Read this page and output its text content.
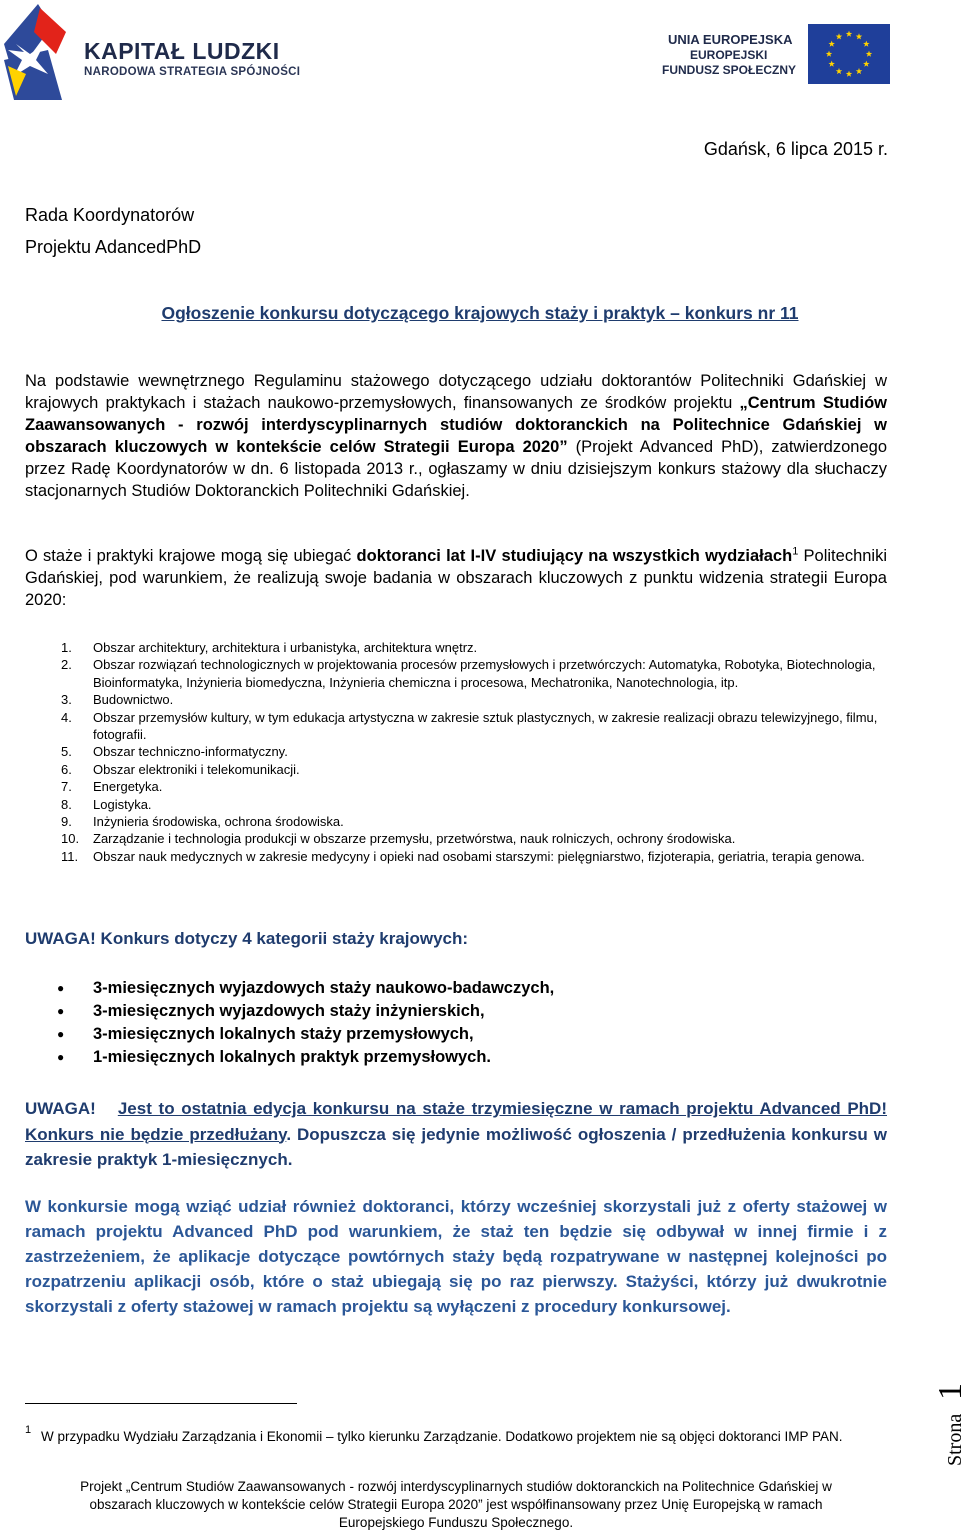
KAPITAŁ LUDZKI
NARODOWA STRATEGIA SPÓJNOŚCI
UNIA EUROPEJSKA
EUROPEJSKI
FUNDUSZ SPOŁECZNY
Gdańsk, 6 lipca 2015 r.
Rada Koordynatorów
Projektu AdancedPhD
Ogłoszenie konkursu dotyczącego krajowych staży i praktyk – konkurs nr 11
Na podstawie wewnętrznego Regulaminu stażowego dotyczącego udziału doktorantów Politechniki Gdańskiej w krajowych praktykach i stażach naukowo-przemysłowych, finansowanych ze środków projektu „Centrum Studiów Zaawansowanych - rozwój interdyscyplinarnych studiów doktoranckich na Politechnice Gdańskiej w obszarach kluczowych w kontekście celów Strategii Europa 2020” (Projekt Advanced PhD), zatwierdzonego przez Radę Koordynatorów w dn. 6 listopada 2013 r., ogłaszamy w dniu dzisiejszym konkurs stażowy dla słuchaczy stacjonarnych Studiów Doktoranckich Politechniki Gdańskiej.
O staże i praktyki krajowe mogą się ubiegać doktoranci lat I-IV studiujący na wszystkich wydziałach$^1$ Politechniki Gdańskiej, pod warunkiem, że realizują swoje badania w obszarach kluczowych z punktu widzenia strategii Europa 2020:
1.	Obszar architektury, architektura i urbanistyka, architektura wnętrz.
2.	Obszar rozwiązań technologicznych w projektowania procesów przemysłowych i przetwórczych: Automatyka, Robotyka, Biotechnologia, Bioinformatyka, Inżynieria biomedyczna, Inżynieria chemiczna i procesowa, Mechatronika, Nanotechnologia, itp.
3.	Budownictwo.
4.	Obszar przemysłów kultury, w tym edukacja artystyczna w zakresie sztuk plastycznych, w zakresie realizacji obrazu telewizyjnego, filmu, fotografii.
5.	Obszar techniczno-informatyczny.
6.	Obszar elektroniki i telekomunikacji.
7.	Energetyka.
8.	Logistyka.
9.	Inżynieria środowiska, ochrona środowiska.
10.	Zarządzanie i technologia produkcji w obszarze przemysłu, przetwórstwa, nauk rolniczych, ochrony środowiska.
11.	Obszar nauk medycznych w zakresie medycyny i opieki nad osobami starszymi: pielęgniarstwo, fizjoterapia, geriatria, terapia genowa.
UWAGA! Konkurs dotyczy 4 kategorii staży krajowych:
●	3-miesięcznych wyjazdowych staży naukowo-badawczych,
●	3-miesięcznych wyjazdowych staży inżynierskich,
●	3-miesięcznych lokalnych staży przemysłowych,
●	1-miesięcznych lokalnych praktyk przemysłowych.
UWAGA! Jest to ostatnia edycja konkursu na staże trzymiesięczne w ramach projektu Advanced PhD! Konkurs nie będzie przedłużany. Dopuszcza się jedynie możliwość ogłoszenia / przedłużenia konkursu w zakresie praktyk 1-miesięcznych.
W konkursie mogą wziąć udział również doktoranci, którzy wcześniej skorzystali już z oferty stażowej w ramach projektu Advanced PhD pod warunkiem, że staż ten będzie się odbywał w innej firmie i z zastrzeżeniem, że aplikacje dotyczące powtórnych staży będą rozpatrywane w następnej kolejności po rozpatrzeniu aplikacji osób, które o staż ubiegają się po raz pierwszy. Stażyści, którzy już dwukrotnie skorzystali z oferty stażowej w ramach projektu są wyłączeni z procedury konkursowej.
1 W przypadku Wydziału Zarządzania i Ekonomii – tylko kierunku Zarządzanie. Dodatkowo projektem nie są objęci doktoranci IMP PAN.
Projekt „Centrum Studiów Zaawansowanych - rozwój interdyscyplinarnych studiów doktoranckich na Politechnice Gdańskiej w
obszarach kluczowych w kontekście celów Strategii Europa 2020” jest współfinansowany przez Unię Europejską w ramach
Europejskiego Funduszu Społecznego.
Strona
1
